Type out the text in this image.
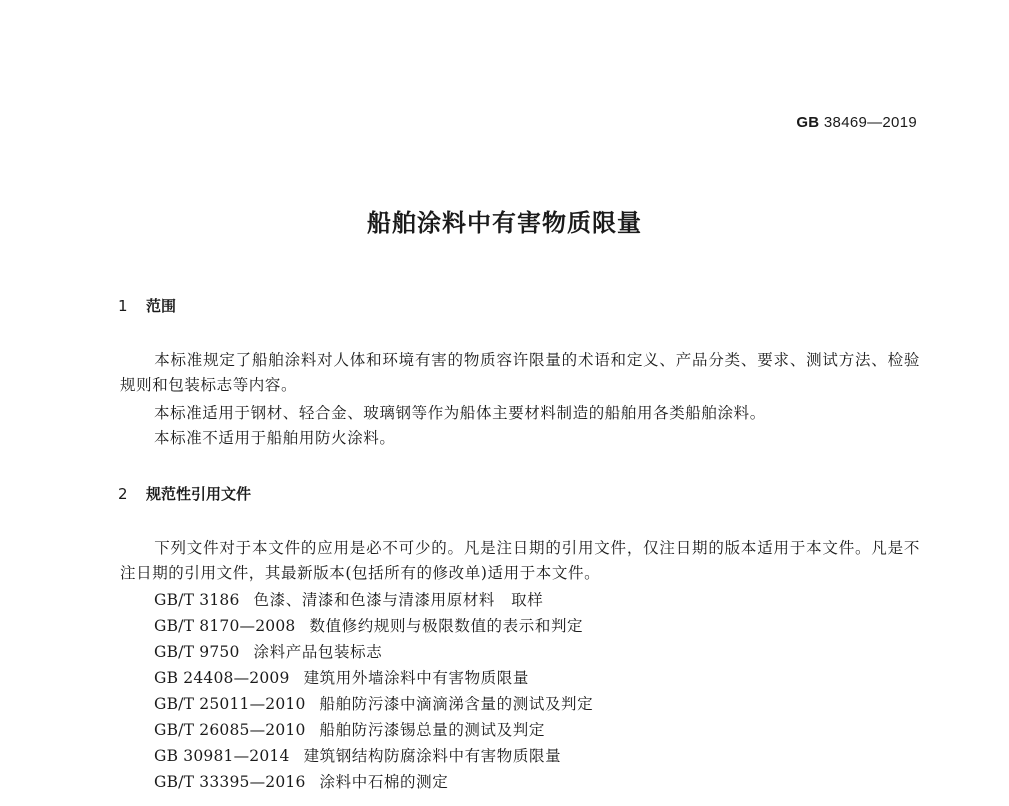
GB 38469—2019
船舶涂料中有害物质限量
1 范围
本标准规定了船舶涂料对人体和环境有害的物质容许限量的术语和定义、产品分类、要求、测试方法、检验规则和包装标志等内容。
本标准适用于钢材、轻合金、玻璃钢等作为船体主要材料制造的船舶用各类船舶涂料。
本标准不适用于船舶用防火涂料。
2 规范性引用文件
下列文件对于本文件的应用是必不可少的。凡是注日期的引用文件，仅注日期的版本适用于本文件。凡是不注日期的引用文件，其最新版本(包括所有的修改单)适用于本文件。
GB/T 3186 色漆、清漆和色漆与清漆用原材料　取样
GB/T 8170—2008 数值修约规则与极限数值的表示和判定
GB/T 9750 涂料产品包装标志
GB 24408—2009 建筑用外墙涂料中有害物质限量
GB/T 25011—2010 船舶防污漆中滴滴涕含量的测试及判定
GB/T 26085—2010 船舶防污漆锡总量的测试及判定
GB 30981—2014 建筑钢结构防腐涂料中有害物质限量
GB/T 33395—2016 涂料中石棉的测定
